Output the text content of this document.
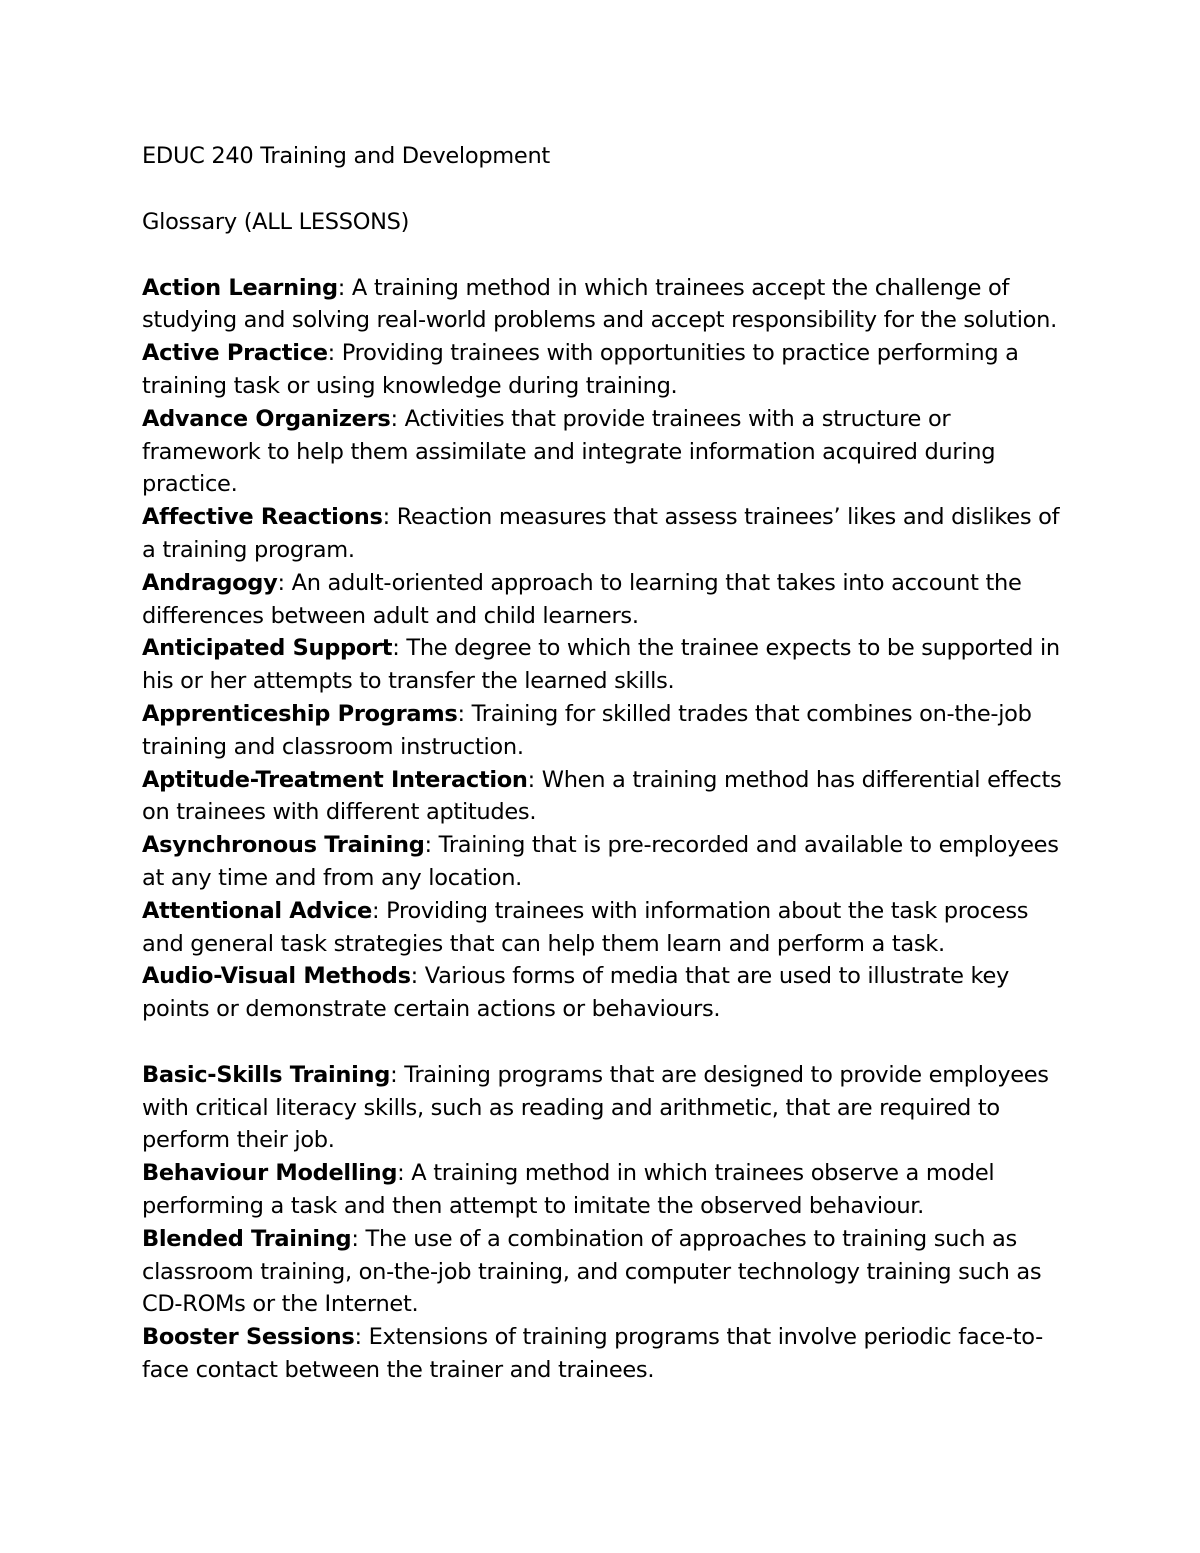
EDUC 240 Training and Development

Glossary (ALL LESSONS)

Action Learning: A training method in which trainees accept the challenge of studying and solving real-world problems and accept responsibility for the solution.

Active Practice: Providing trainees with opportunities to practice performing a training task or using knowledge during training.

Advance Organizers: Activities that provide trainees with a structure or framework to help them assimilate and integrate information acquired during practice.

Affective Reactions: Reaction measures that assess trainees’ likes and dislikes of a training program.

Andragogy: An adult-oriented approach to learning that takes into account the differences between adult and child learners.

Anticipated Support: The degree to which the trainee expects to be supported in his or her attempts to transfer the learned skills.

Apprenticeship Programs: Training for skilled trades that combines on-the-job training and classroom instruction.

Aptitude-Treatment Interaction: When a training method has differential effects on trainees with different aptitudes.

Asynchronous Training: Training that is pre-recorded and available to employees at any time and from any location.

Attentional Advice: Providing trainees with information about the task process and general task strategies that can help them learn and perform a task.

Audio-Visual Methods: Various forms of media that are used to illustrate key points or demonstrate certain actions or behaviours.

Basic-Skills Training: Training programs that are designed to provide employees with critical literacy skills, such as reading and arithmetic, that are required to perform their job.

Behaviour Modelling: A training method in which trainees observe a model performing a task and then attempt to imitate the observed behaviour.

Blended Training: The use of a combination of approaches to training such as classroom training, on-the-job training, and computer technology training such as CD-ROMs or the Internet.

Booster Sessions: Extensions of training programs that involve periodic face-to-face contact between the trainer and trainees.
